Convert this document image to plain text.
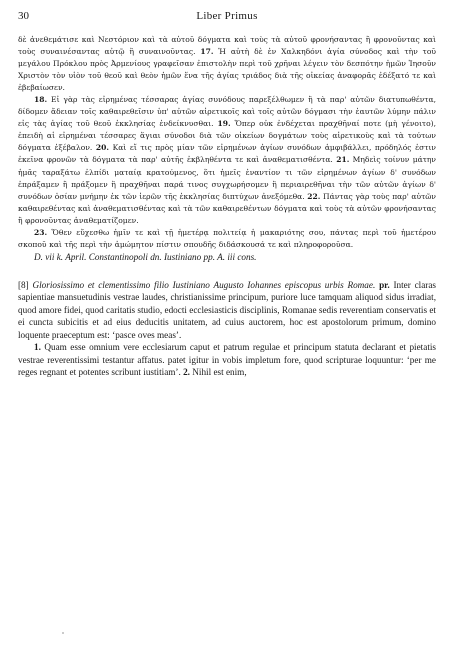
30	Liber Primus

δὲ ἀνεθεμάτισε καὶ Νεστόριον καὶ τὰ αὐτοῦ δόγματα καὶ τοὺς τὰ αὐτοῦ φρονήσαντας ἢ φρονοῦντας καὶ τοὺς συναινέσαντας αὐτῷ ἢ συναινοῦντας. 17. Ἡ αὐτὴ δὲ ἐν Χαλκηδόνι ἁγία σύνοδος καὶ τὴν τοῦ μεγάλου Πρόκλου πρὸς Ἀρμενίους γραφεῖσαν ἐπιστολὴν περὶ τοῦ χρῆναι λέγειν τὸν δεσπότην ἡμῶν Ἰησοῦν Χριστὸν τὸν υἱὸν τοῦ θεοῦ καὶ θεὸν ἡμῶν ἕνα τῆς ἁγίας τριάδος διὰ τῆς οἰκείας ἀναφορᾶς ἐδέξατό τε καὶ ἐβεβαίωσεν.

18. Εἰ γὰρ τὰς εἰρημένας τέσσαρας ἁγίας συνόδους παρεξέλθωμεν ἢ τὰ παρ' αὐτῶν διατυπωθέντα, δίδομεν ἄδειαν τοῖς καθαιρεθεῖσιν ὑπ' αὐτῶν αἱρετικοῖς καὶ τοῖς αὐτῶν δόγμασι τὴν ἑαυτῶν λύμην πάλιν εἰς τὰς ἁγίας τοῦ θεοῦ ἐκκλησίας ἐνδείκνυσθαι. 19. Ὅπερ οὐκ ἐνδέχεται πραχθῆναί ποτε (μὴ γένοιτο), ἐπειδὴ αἱ εἰρημέναι τέσσαρες ἅγιαι σύνοδοι διὰ τῶν οἰκείων δογμάτων τοὺς αἱρετικοὺς καὶ τὰ τούτων δόγματα ἐξέβαλον. 20. Καὶ εἴ τις πρὸς μίαν τῶν εἰρημένων ἁγίων συνόδων ἀμφιβάλλει, πρόδηλός ἐστιν ἐκεῖνα φρονῶν τὰ δόγματα τὰ παρ' αὐτῆς ἐκβληθέντα τε καὶ ἀναθεματισθέντα. 21. Μηδεὶς τοίνυν μάτην ἡμᾶς ταραξάτω ἐλπίδι ματαίᾳ κρατούμενος, ὅτι ἡμεῖς ἐναντίον τι τῶν εἰρημένων ἁγίων δ' συνόδων ἐπράξαμεν ἢ πράξομεν ἢ πραχθῆναι παρά τινος συγχωρήσομεν ἢ περιαιρεθῆναι τὴν τῶν αὐτῶν ἁγίων δ' συνόδων ὁσίαν μνήμην ἐκ τῶν ἱερῶν τῆς ἐκκλησίας διπτύχων ἀνεξόμεθα. 22. Πάντας γὰρ τοὺς παρ' αὐτῶν καθαιρεθέντας καὶ ἀναθεματισθέντας καὶ τὰ τῶν καθαιρεθέντων δόγματα καὶ τοὺς τὰ αὐτῶν φρονήσαντας ἢ φρονοῦντας ἀναθεματίζομεν.

23. Ὅθεν εὔχεσθω ἡμῖν τε καὶ τῇ ἡμετέρᾳ πολιτείᾳ ἡ μακαριότης σου, πάντας περὶ τοῦ ἡμετέρου σκοποῦ καὶ τῆς περὶ τὴν ἀμώμητον πίστιν σπουδῆς διδάσκουσά τε καὶ πληροφοροῦσα.

D. vii k. April. Constantinopoli dn. Iustiniano pp. A. iii cons.

[8] Gloriosissimo et clementissimo filio Iustiniano Augusto Iohannes episcopus urbis Romae. pr. Inter claras sapientiae mansuetudinis vestrae laudes, christianissime principum, puriore luce tamquam aliquod sidus irradiat, quod amore fidei, quod caritatis studio, edocti ecclesiasticis disciplinis, Romanae sedis reverentiam conservatis et ei cuncta subicitis et ad eius deducitis unitatem, ad cuius auctorem, hoc est apostolorum primum, domino loquente praeceptum est: ‘pasce oves meas’.

1. Quam esse omnium vere ecclesiarum caput et patrum regulae et principum statuta declarant et pietatis vestrae reverentissimi testantur affatus. patet igitur in vobis impletum fore, quod scripturae loquuntur: ‘per me reges regnant et potentes scribunt iustitiam’. 2. Nihil est enim,
